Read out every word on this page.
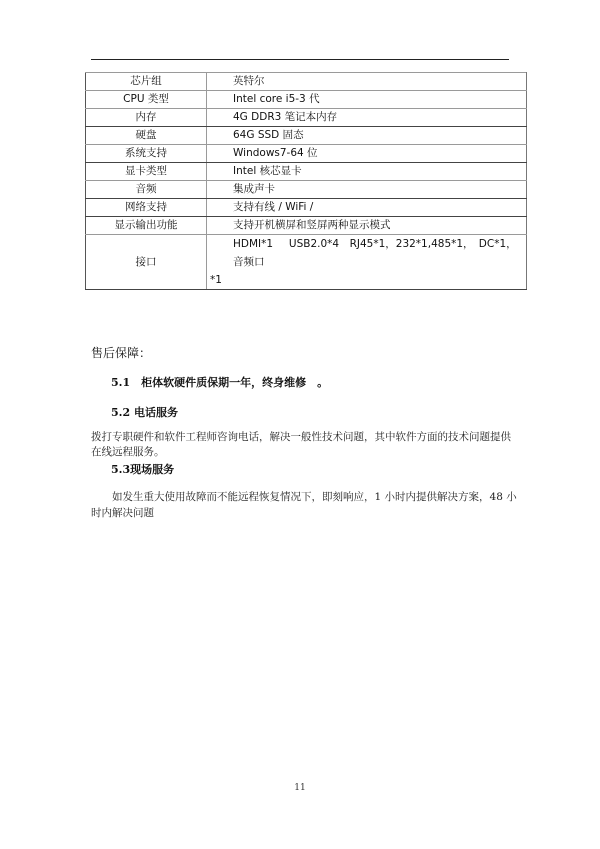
芯片组	英特尔
CPU 类型	Intel core i5-3 代
内存	4G DDR3 笔记本内存
硬盘	64G SSD 固态
系统支持	Windows7-64 位
显卡类型	Intel 核芯显卡
音频	集成声卡
网络支持	支持有线 / WiFi /
显示输出功能	支持开机横屏和竖屏两种显示模式
接口	HDMI*1　 USB2.0*4　RJ45*1，232*1,485*1，　DC*1，音频口
*1
售后保障：
5.1　柜体软硬件质保期一年，终身维修　。
5.2 电话服务
拨打专职硬件和软件工程师咨询电话，解决一般性技术问题，其中软件方面的技术问题提供在线远程服务。
5.3现场服务
如发生重大使用故障而不能远程恢复情况下，即刻响应，1 小时内提供解决方案，48 小时内解决问题
11
